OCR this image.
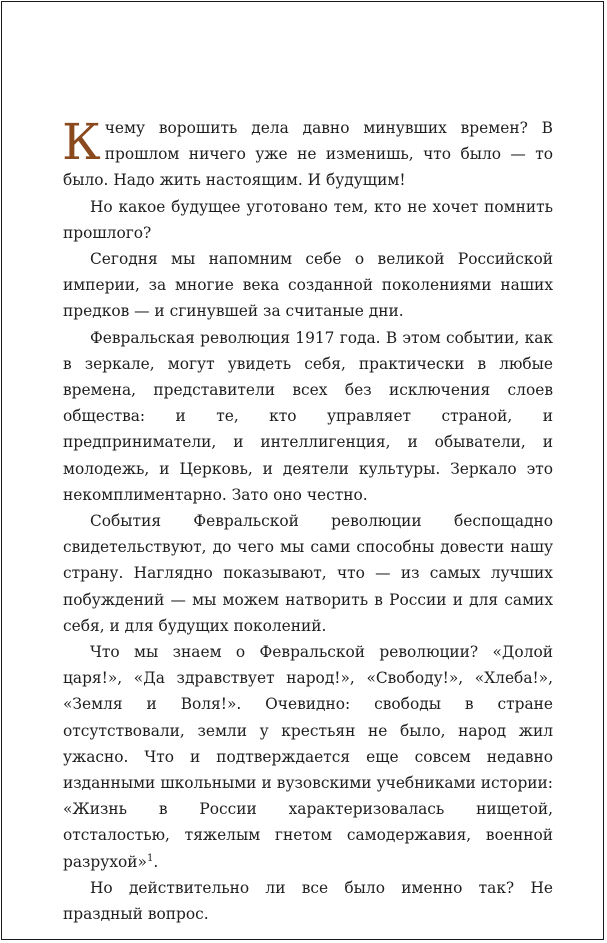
К чему ворошить дела давно минувших времен? В прошлом ничего уже не изменишь, что было — то было. Надо жить настоящим. И будущим!

Но какое будущее уготовано тем, кто не хочет помнить прошлого?

Сегодня мы напомним себе о великой Российской империи, за многие века созданной поколениями наших предков — и сгинувшей за считаные дни.

Февральская революция 1917 года. В этом событии, как в зеркале, могут увидеть себя, практически в любые времена, представители всех без исключения слоев общества: и те, кто управляет страной, и предприниматели, и интеллигенция, и обыватели, и молодежь, и Церковь, и деятели культуры. Зеркало это некомплиментарно. Зато оно честно.

События Февральской революции беспощадно свидетельствуют, до чего мы сами способны довести нашу страну. Наглядно показывают, что — из самых лучших побуждений — мы можем натворить в России и для самих себя, и для будущих поколений.

Что мы знаем о Февральской революции? «Долой царя!», «Да здравствует народ!», «Свободу!», «Хлеба!», «Земля и Воля!». Очевидно: свободы в стране отсутствовали, земли у крестьян не было, народ жил ужасно. Что и подтверждается еще совсем недавно изданными школьными и вузовскими учебниками истории: «Жизнь в России характеризовалась нищетой, отсталостью, тяжелым гнетом самодержавия, военной разрухой»$^1$.

Но действительно ли все было именно так? Не праздный вопрос.
